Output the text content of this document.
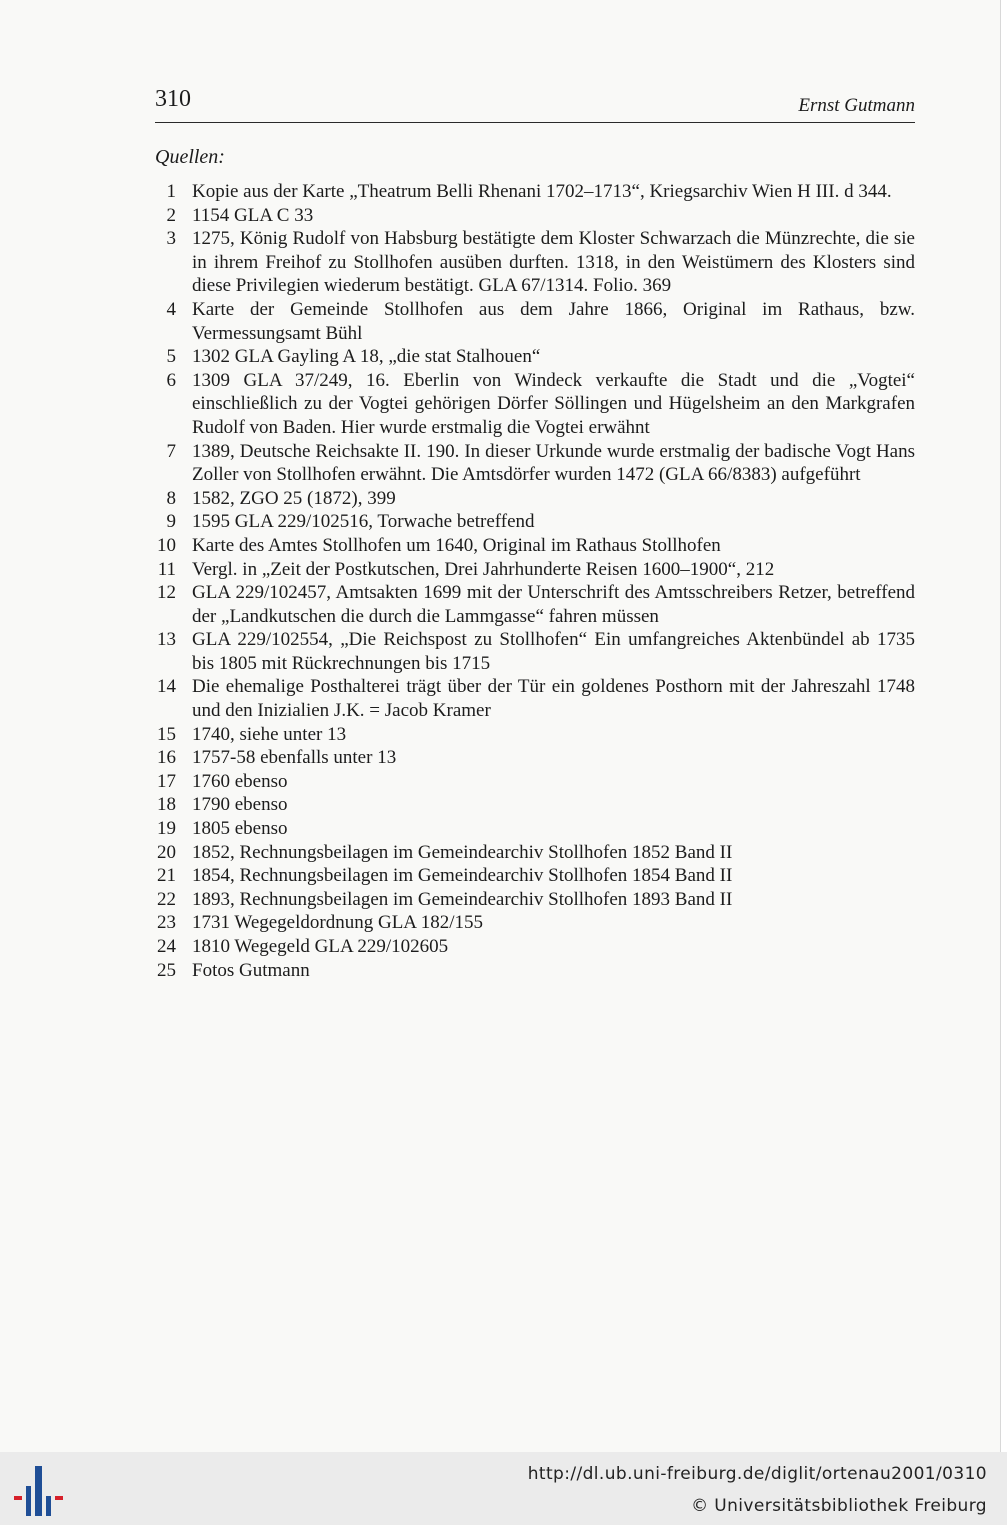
310	Ernst Gutmann
Quellen:
1 Kopie aus der Karte „Theatrum Belli Rhenani 1702–1713“, Kriegsarchiv Wien H III. d 344.
2 1154 GLA C 33
3 1275, König Rudolf von Habsburg bestätigte dem Kloster Schwarzach die Münzrechte, die sie in ihrem Freihof zu Stollhofen ausüben durften. 1318, in den Weistümern des Klosters sind diese Privilegien wiederum bestätigt. GLA 67/1314. Folio. 369
4 Karte der Gemeinde Stollhofen aus dem Jahre 1866, Original im Rathaus, bzw. Vermessungsamt Bühl
5 1302 GLA Gayling A 18, „die stat Stalhouen“
6 1309 GLA 37/249, 16. Eberlin von Windeck verkaufte die Stadt und die „Vogtei“ einschließlich zu der Vogtei gehörigen Dörfer Söllingen und Hügelsheim an den Markgrafen Rudolf von Baden. Hier wurde erstmalig die Vogtei erwähnt
7 1389, Deutsche Reichsakte II. 190. In dieser Urkunde wurde erstmalig der badische Vogt Hans Zoller von Stollhofen erwähnt. Die Amtsdörfer wurden 1472 (GLA 66/8383) aufgeführt
8 1582, ZGO 25 (1872), 399
9 1595 GLA 229/102516, Torwache betreffend
10 Karte des Amtes Stollhofen um 1640, Original im Rathaus Stollhofen
11 Vergl. in „Zeit der Postkutschen, Drei Jahrhunderte Reisen 1600–1900“, 212
12 GLA 229/102457, Amtsakten 1699 mit der Unterschrift des Amtsschreibers Retzer, betreffend der „Landkutschen die durch die Lammgasse“ fahren müssen
13 GLA 229/102554, „Die Reichspost zu Stollhofen“ Ein umfangreiches Aktenbündel ab 1735 bis 1805 mit Rückrechnungen bis 1715
14 Die ehemalige Posthalterei trägt über der Tür ein goldenes Posthorn mit der Jahreszahl 1748 und den Inizialien J.K. = Jacob Kramer
15 1740, siehe unter 13
16 1757-58 ebenfalls unter 13
17 1760 ebenso
18 1790 ebenso
19 1805 ebenso
20 1852, Rechnungsbeilagen im Gemeindearchiv Stollhofen 1852 Band II
21 1854, Rechnungsbeilagen im Gemeindearchiv Stollhofen 1854 Band II
22 1893, Rechnungsbeilagen im Gemeindearchiv Stollhofen 1893 Band II
23 1731 Wegegeldordnung GLA 182/155
24 1810 Wegegeld GLA 229/102605
25 Fotos Gutmann
http://dl.ub.uni-freiburg.de/diglit/ortenau2001/0310
© Universitätsbibliothek Freiburg
